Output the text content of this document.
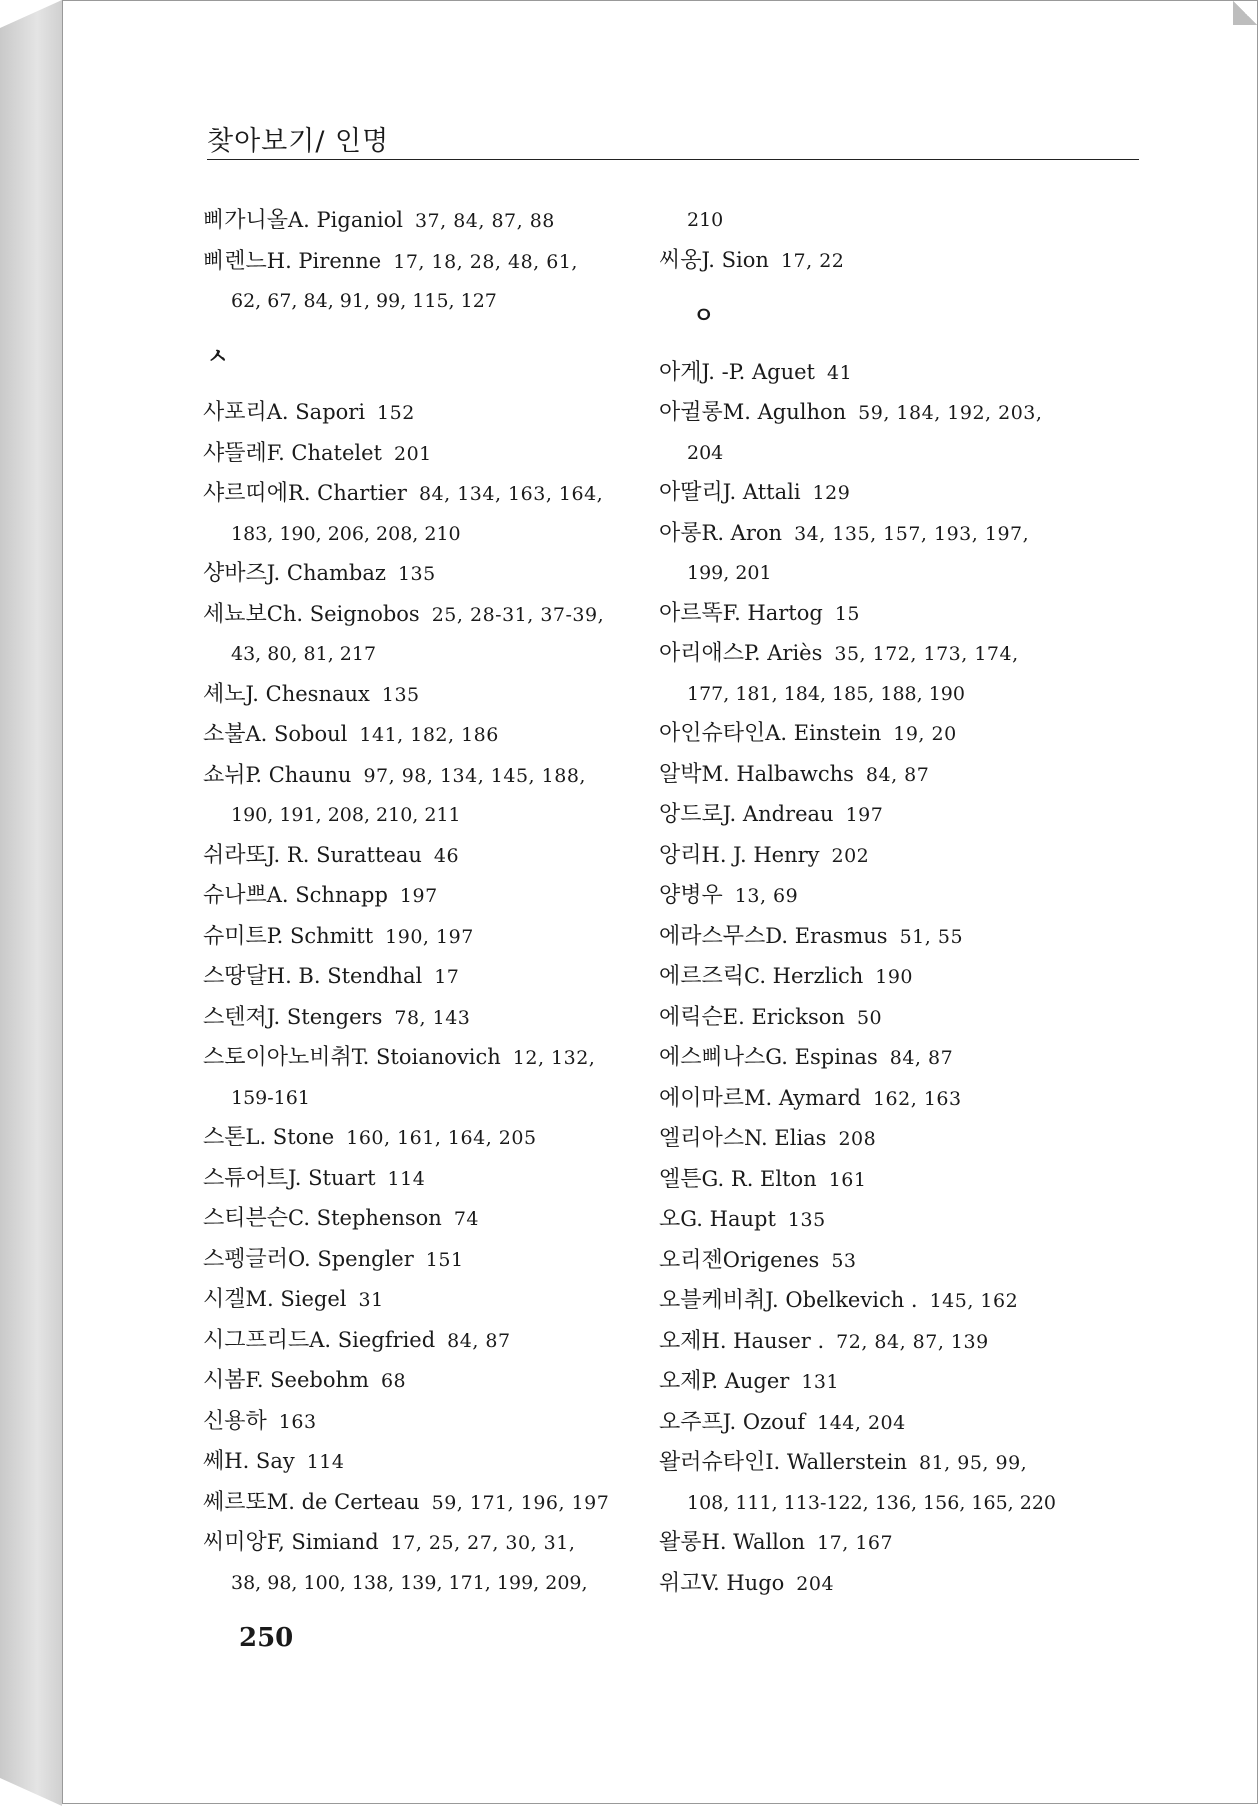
찾아보기/ 인명
삐가니올A. Piganiol 37, 84, 87, 88
삐렌느H. Pirenne 17, 18, 28, 48, 61,
62, 67, 84, 91, 99, 115, 127
ㅅ
사포리A. Sapori 152
샤뜰레F. Chatelet 201
샤르띠에R. Chartier 84, 134, 163, 164,
183, 190, 206, 208, 210
샹바즈J. Chambaz 135
세뇨보Ch. Seignobos 25, 28-31, 37-39,
43, 80, 81, 217
셰노J. Chesnaux 135
소불A. Soboul 141, 182, 186
쇼뉘P. Chaunu 97, 98, 134, 145, 188,
190, 191, 208, 210, 211
쉬라또J. R. Suratteau 46
슈나쁘A. Schnapp 197
슈미트P. Schmitt 190, 197
스땅달H. B. Stendhal 17
스텐져J. Stengers 78, 143
스토이아노비취T. Stoianovich 12, 132,
159-161
스톤L. Stone 160, 161, 164, 205
스튜어트J. Stuart 114
스티븐슨C. Stephenson 74
스펭글러O. Spengler 151
시겔M. Siegel 31
시그프리드A. Siegfried 84, 87
시봄F. Seebohm 68
신용하 163
쎄H. Say 114
쎄르또M. de Certeau 59, 171, 196, 197
씨미앙F, Simiand 17, 25, 27, 30, 31,
38, 98, 100, 138, 139, 171, 199, 209,
210
씨옹J. Sion 17, 22
ㅇ
아게J. -P. Aguet 41
아귈롱M. Agulhon 59, 184, 192, 203,
204
아딸리J. Attali 129
아롱R. Aron 34, 135, 157, 193, 197,
199, 201
아르똑F. Hartog 15
아리애스P. Ariès 35, 172, 173, 174,
177, 181, 184, 185, 188, 190
아인슈타인A. Einstein 19, 20
알박M. Halbawchs 84, 87
앙드로J. Andreau 197
앙리H. J. Henry 202
양병우 13, 69
에라스무스D. Erasmus 51, 55
에르즈릭C. Herzlich 190
에릭슨E. Erickson 50
에스삐나스G. Espinas 84, 87
에이마르M. Aymard 162, 163
엘리아스N. Elias 208
엘튼G. R. Elton 161
오G. Haupt 135
오리젠Origenes 53
오블케비취J. Obelkevich . 145, 162
오제H. Hauser . 72, 84, 87, 139
오제P. Auger 131
오주프J. Ozouf 144, 204
왈러슈타인I. Wallerstein 81, 95, 99,
108, 111, 113-122, 136, 156, 165, 220
왈롱H. Wallon 17, 167
위고V. Hugo 204
250
